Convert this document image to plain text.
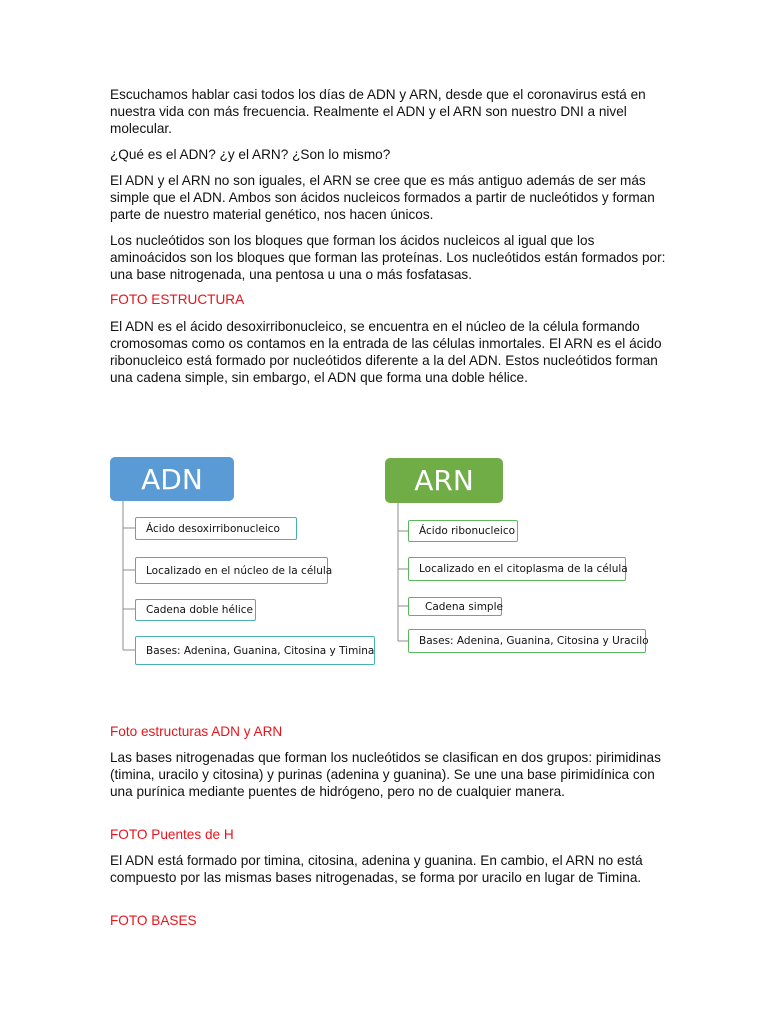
Escuchamos hablar casi todos los días de ADN y ARN, desde que el coronavirus está en nuestra vida con más frecuencia. Realmente el ADN y el ARN son nuestro DNI a nivel molecular.

¿Qué es el ADN? ¿y el ARN? ¿Son lo mismo?

El ADN y el ARN no son iguales, el ARN se cree que es más antiguo además de ser más simple que el ADN. Ambos son ácidos nucleicos formados a partir de nucleótidos y forman parte de nuestro material genético, nos hacen únicos.

Los nucleótidos son los bloques que forman los ácidos nucleicos al igual que los aminoácidos son los bloques que forman las proteínas. Los nucleótidos están formados por: una base nitrogenada, una pentosa u una o más fosfatasas.

FOTO ESTRUCTURA

El ADN es el ácido desoxirribonucleico, se encuentra en el núcleo de la célula formando cromosomas como os contamos en la entrada de las células inmortales. El ARN es el ácido ribonucleico está formado por nucleótidos diferente a la del ADN. Estos nucleótidos forman una cadena simple, sin embargo, el ADN que forma una doble hélice.

ADN
Ácido desoxirribonucleico
Localizado en el núcleo de la célula
Cadena doble hélice
Bases: Adenina, Guanina, Citosina y Timina
ARN
Ácido ribonucleico
Localizado en el citoplasma de la célula
Cadena simple
Bases: Adenina, Guanina, Citosina y Uracilo

Foto estructuras ADN y ARN

Las bases nitrogenadas que forman los nucleótidos se clasifican en dos grupos: pirimidinas (timina, uracilo y citosina) y purinas (adenina y guanina). Se une una base pirimidínica con una purínica mediante puentes de hidrógeno, pero no de cualquier manera.

FOTO Puentes de H

El ADN está formado por timina, citosina, adenina y guanina. En cambio, el ARN no está compuesto por las mismas bases nitrogenadas, se forma por uracilo en lugar de Timina.

FOTO BASES
